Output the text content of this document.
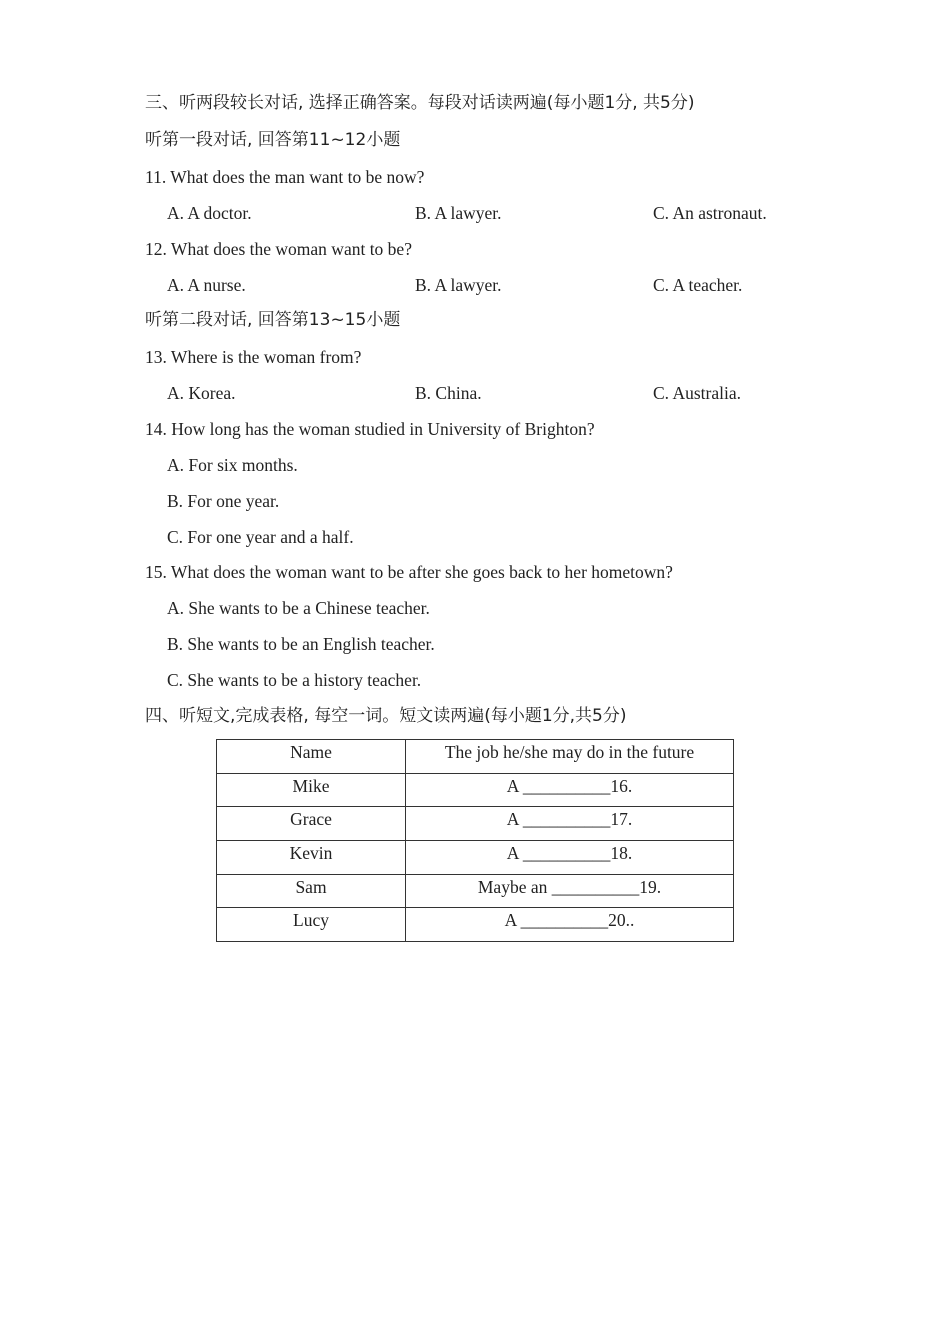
三、听两段较长对话, 选择正确答案。每段对话读两遍(每小题1分, 共5分)
听第一段对话, 回答第11~12小题
11. What does the man want to be now?
A. A doctor.	B. A lawyer.	C. An astronaut.
12. What does the woman want to be?
A. A nurse.	B. A lawyer.	C. A teacher.
听第二段对话, 回答第13~15小题
13. Where is the woman from?
A. Korea.	B. China.	C. Australia.
14. How long has the woman studied in University of Brighton?
A. For six months.
B. For one year.
C. For one year and a half.
15. What does the woman want to be after she goes back to her hometown?
A. She wants to be a Chinese teacher.
B. She wants to be an English teacher.
C. She wants to be a history teacher.
四、听短文,完成表格, 每空一词。短文读两遍(每小题1分,共5分)
Name	The job he/she may do in the future
Mike	A __________16.
Grace	A __________17.
Kevin	A __________18.
Sam	Maybe an __________19.
Lucy	A __________20..
